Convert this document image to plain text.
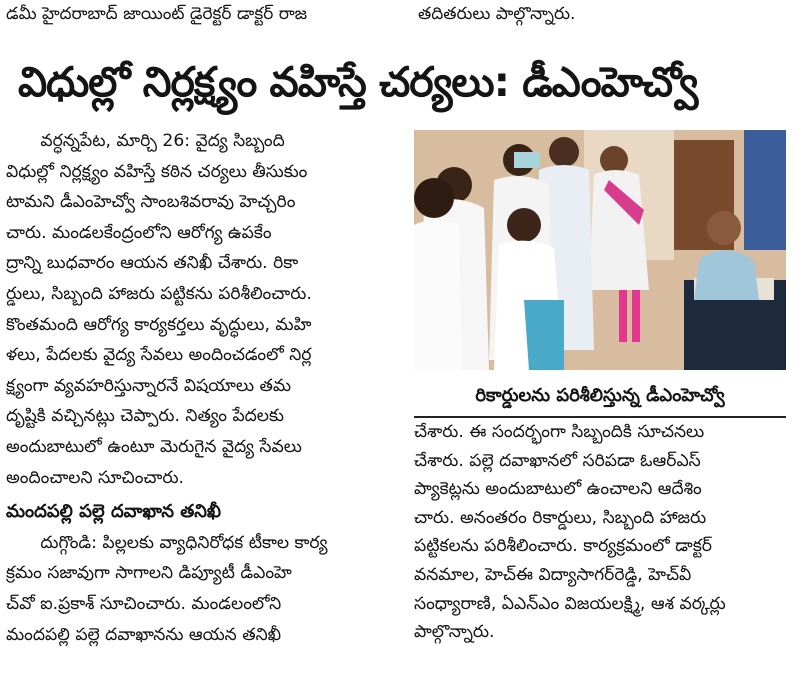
డమీ హైదరాబాద్ జాయింట్ డైరెక్టర్ డాక్టర్ రాజ	తదితరులు పాల్గొన్నారు.
విధుల్లో నిర్లక్ష్యం వహిస్తే చర్యలు: డీఎంహెచ్వో

వర్ధన్నపేట, మార్చి 26: వైద్య సిబ్బంది

విధుల్లో నిర్లక్ష్యం వహిస్తే కఠిన చర్యలు తీసుకుం

టామని డీఎంహెచ్వో సాంబశివరావు హెచ్చరిం

చారు. మండలకేంద్రంలోని ఆరోగ్య ఉపకేం

ద్రాన్ని బుధవారం ఆయన తనిఖీ చేశారు. రికా

ర్డులు, సిబ్బంది హాజరు పట్టికను పరిశీలించారు.

కొంతమంది ఆరోగ్య కార్యకర్తలు వృద్ధులు, మహి

ళలు, పేదలకు వైద్య సేవలు అందించడంలో నిర్ల

క్ష్యంగా వ్యవహరిస్తున్నారనే విషయాలు తమ

దృష్టికి వచ్చినట్లు చెప్పారు. నిత్యం పేదలకు

అందుబాటులో ఉంటూ మెరుగైన వైద్య సేవలు

అందించాలని సూచించారు.

మందపల్లి పల్లె దవాఖాన తనిఖీ

దుగ్గొండి: పిల్లలకు వ్యాధినిరోధక టీకాల కార్య

క్రమం సజావుగా సాగాలని డిప్యూటీ డీఎంహె

చ్‌వో ఐ.ప్రకాశ్ సూచించారు. మండలంలోని

మందపల్లి పల్లె దవాఖానను ఆయన తనిఖీ

రికార్డులను పరిశీలిస్తున్న డీఎంహెచ్వో

చేశారు. ఈ సందర్భంగా సిబ్బందికి సూచనలు

చేశారు. పల్లె దవాఖానలో సరిపడా ఓఆర్ఎస్

ప్యాకెట్లను అందుబాటులో ఉంచాలని ఆదేశిం

చారు. అనంతరం రికార్డులు, సిబ్బంది హాజరు

పట్టికలను పరిశీలించారు. కార్యక్రమంలో డాక్టర్

వనమాల, హెచ్ఈ విద్యాసాగర్‌రెడ్డి, హెచ్‌వీ

సంధ్యారాణి, ఏఎన్ఎం విజయలక్ష్మి, ఆశ వర్కర్లు

పాల్గొన్నారు.
